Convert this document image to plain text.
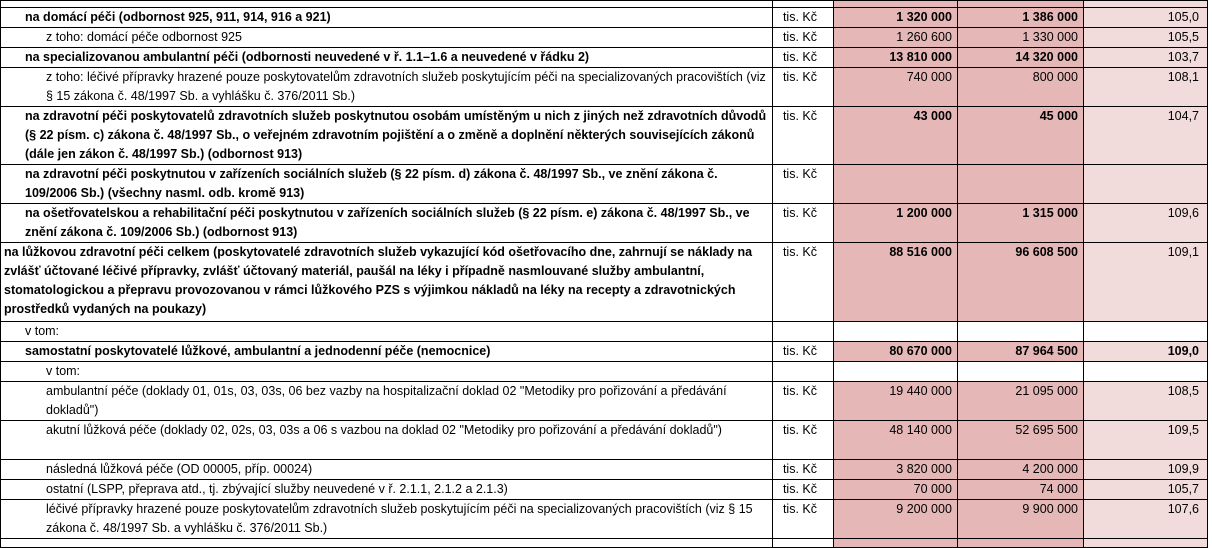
na domácí péči (odbornost 925, 911, 914, 916 a 921)	tis. Kč	1 320 000	1 386 000	105,0
z toho: domácí péče odbornost 925	tis. Kč	1 260 600	1 330 000	105,5
na specializovanou ambulantní péči (odbornosti neuvedené v ř. 1.1–1.6 a neuvedené v řádku 2)	tis. Kč	13 810 000	14 320 000	103,7
z toho: léčivé přípravky hrazené pouze poskytovatelům zdravotních služeb poskytujícím péči na specializovaných pracovištích (viz § 15 zákona č. 48/1997 Sb. a vyhlášku č. 376/2011 Sb.)	tis. Kč	740 000	800 000	108,1
na zdravotní péči poskytovatelů zdravotních služeb poskytnutou osobám umístěným u nich z jiných než zdravotních důvodů (§ 22 písm. c) zákona č. 48/1997 Sb., o veřejném zdravotním pojištění a o změně a doplnění některých souvisejících zákonů (dále jen zákon č. 48/1997 Sb.) (odbornost 913)	tis. Kč	43 000	45 000	104,7
na zdravotní péči poskytnutou v zařízeních sociálních služeb (§ 22 písm. d) zákona č. 48/1997 Sb., ve znění zákona č. 109/2006 Sb.) (všechny nasml. odb. kromě 913)	tis. Kč			
na ošetřovatelskou a rehabilitační péči poskytnutou v zařízeních sociálních služeb (§ 22 písm. e) zákona č. 48/1997 Sb., ve znění zákona č. 109/2006 Sb.) (odbornost 913)	tis. Kč	1 200 000	1 315 000	109,6
na lůžkovou zdravotní péči celkem (poskytovatelé zdravotních služeb vykazující kód ošetřovacího dne, zahrnují se náklady na zvlášť účtované léčivé přípravky, zvlášť účtovaný materiál, paušál na léky i případně nasmlouvané služby ambulantní, stomatologickou a přepravu provozovanou v rámci lůžkového PZS s výjimkou nákladů na léky na recepty a zdravotnických prostředků vydaných na poukazy)	tis. Kč	88 516 000	96 608 500	109,1
v tom:				
samostatní poskytovatelé lůžkové, ambulantní a jednodenní péče (nemocnice)	tis. Kč	80 670 000	87 964 500	109,0
v tom:				
ambulantní péče (doklady 01, 01s, 03, 03s, 06 bez vazby na hospitalizační doklad 02 "Metodiky pro pořizování a předávání dokladů")	tis. Kč	19 440 000	21 095 000	108,5
akutní lůžková péče (doklady 02, 02s, 03, 03s a 06 s vazbou na doklad 02 "Metodiky pro pořizování a předávání dokladů")	tis. Kč	48 140 000	52 695 500	109,5
následná lůžková péče (OD 00005, příp. 00024)	tis. Kč	3 820 000	4 200 000	109,9
ostatní (LSPP, přeprava atd., tj. zbývající služby neuvedené v ř. 2.1.1, 2.1.2 a 2.1.3)	tis. Kč	70 000	74 000	105,7
léčivé přípravky hrazené pouze poskytovatelům zdravotních služeb poskytujícím péči na specializovaných pracovištích (viz § 15 zákona č. 48/1997 Sb. a vyhlášku č. 376/2011 Sb.)	tis. Kč	9 200 000	9 900 000	107,6
